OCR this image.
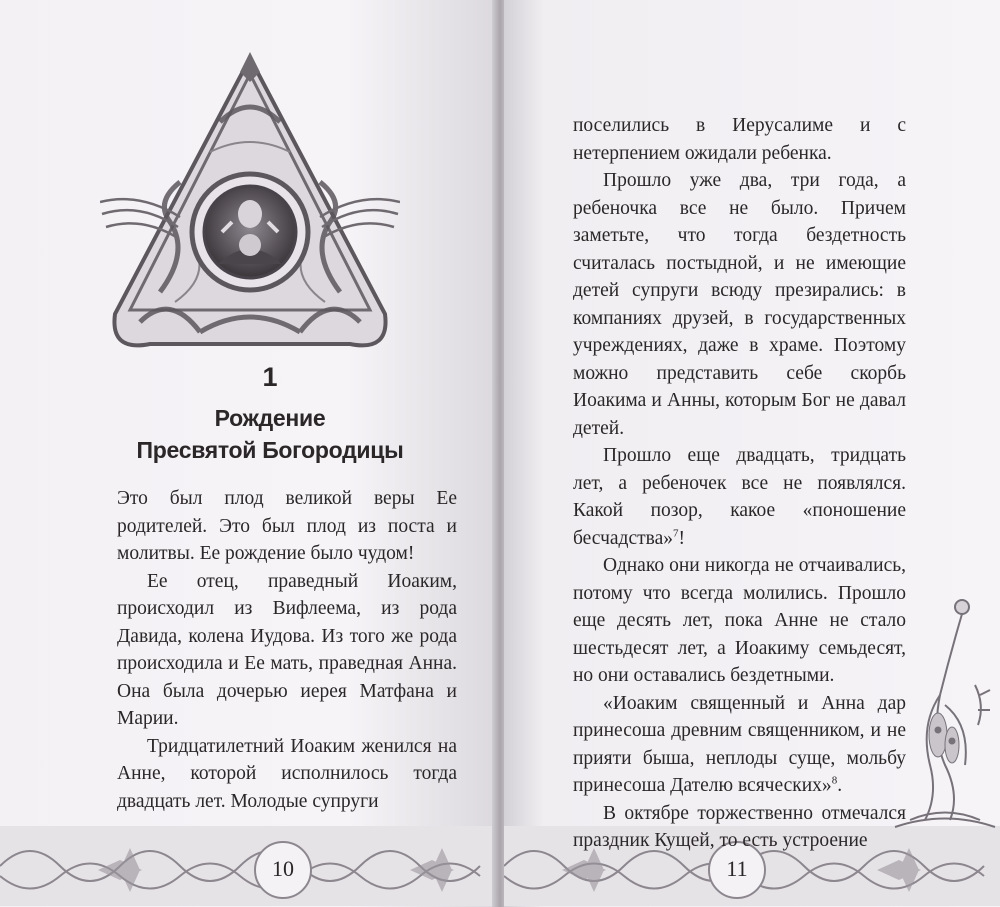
1
Рождение
Пресвятой Богородицы

Это был плод великой веры Ее родителей. Это был плод из поста и молитвы. Ее рождение было чудом!

Ее отец, праведный Иоаким, происходил из Вифлеема, из рода Давида, колена Иудова. Из того же рода происходила и Ее мать, праведная Анна. Она была дочерью иерея Матфана и Марии.

Тридцатилетний Иоаким женился на Анне, которой исполнилось тогда двадцать лет. Молодые супруги

10

поселились в Иерусалиме и с нетерпением ожидали ребенка.

Прошло уже два, три года, а ребеночка все не было. Причем заметьте, что тогда бездетность считалась постыдной, и не имеющие детей супруги всюду презирались: в компаниях друзей, в государственных учреждениях, даже в храме. Поэтому можно представить себе скорбь Иоакима и Анны, которым Бог не давал детей.

Прошло еще двадцать, тридцать лет, а ребеночек все не появлялся. Какой позор, какое «поношение бесчадства»$^7$!

Однако они никогда не отчаивались, потому что всегда молились. Прошло еще десять лет, пока Анне не стало шестьдесят лет, а Иоакиму семьдесят, но они оставались бездетными.

«Иоаким священный и Анна дар принесоша древним священником, и не прияти быша, неплоды суще, мольбу принесоша Дателю всяческих»$^8$.

В октябре торжественно отмечался праздник Кущей, то есть устроение

11
